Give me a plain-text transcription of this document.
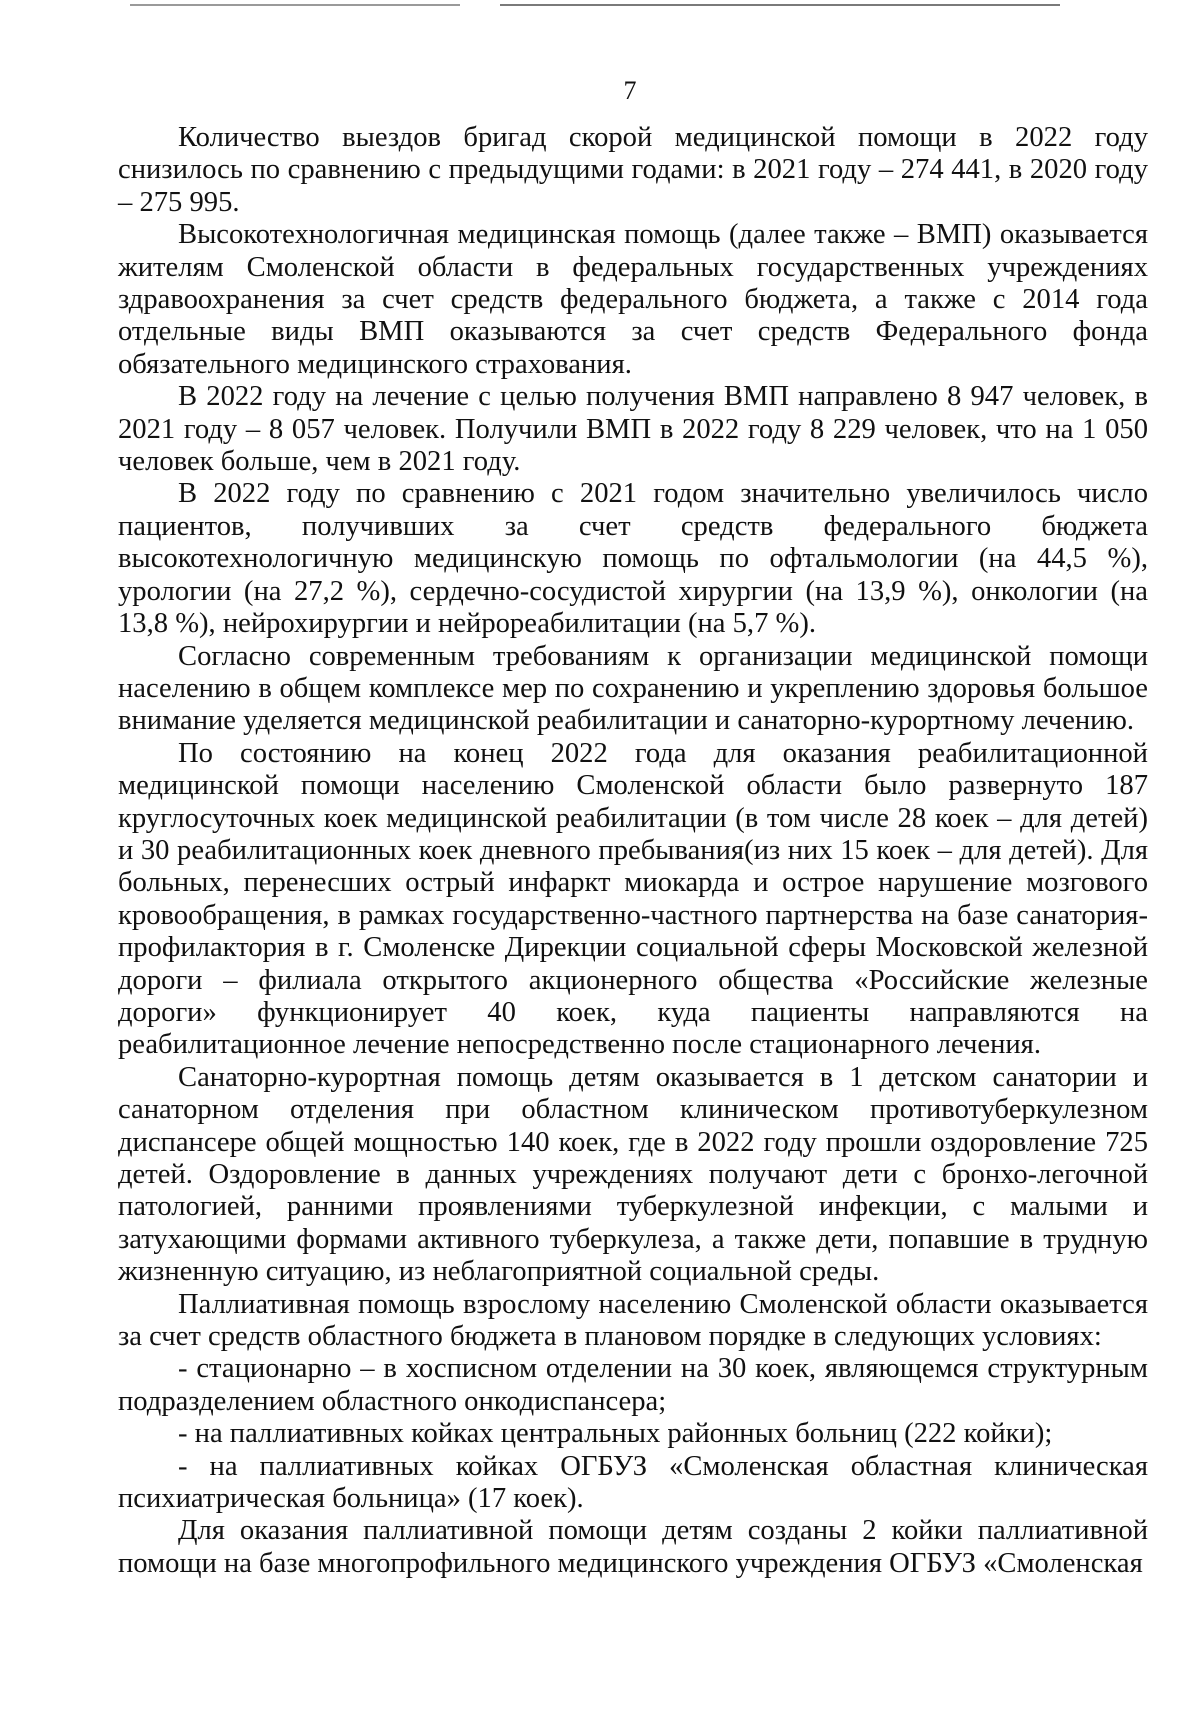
7

Количество выездов бригад скорой медицинской помощи в 2022 году снизилось по сравнению с предыдущими годами: в 2021 году – 274 441, в 2020 году – 275 995.

Высокотехнологичная медицинская помощь (далее также – ВМП) оказывается жителям Смоленской области в федеральных государственных учреждениях здравоохранения за счет средств федерального бюджета, а также с 2014 года отдельные виды ВМП оказываются за счет средств Федерального фонда обязательного медицинского страхования.

В 2022 году на лечение с целью получения ВМП направлено 8 947 человек, в 2021 году – 8 057 человек. Получили ВМП в 2022 году 8 229 человек, что на 1 050 человек больше, чем в 2021 году.

В 2022 году по сравнению с 2021 годом значительно увеличилось число пациентов, получивших за счет средств федерального бюджета высокотехнологичную медицинскую помощь по офтальмологии (на 44,5 %), урологии (на 27,2 %), сердечно-сосудистой хирургии (на 13,9 %), онкологии (на 13,8 %), нейрохирургии и нейрореабилитации (на 5,7 %).

Согласно современным требованиям к организации медицинской помощи населению в общем комплексе мер по сохранению и укреплению здоровья большое внимание уделяется медицинской реабилитации и санаторно-курортному лечению.

По состоянию на конец 2022 года для оказания реабилитационной медицинской помощи населению Смоленской области было развернуто 187 круглосуточных коек медицинской реабилитации (в том числе 28 коек – для детей) и 30 реабилитационных коек дневного пребывания(из них 15 коек – для детей). Для больных, перенесших острый инфаркт миокарда и острое нарушение мозгового кровообращения, в рамках государственно-частного партнерства на базе санатория-профилактория в г. Смоленске Дирекции социальной сферы Московской железной дороги – филиала открытого акционерного общества «Российские железные дороги» функционирует 40 коек, куда пациенты направляются на реабилитационное лечение непосредственно после стационарного лечения.

Санаторно-курортная помощь детям оказывается в 1 детском санатории и санаторном отделения при областном клиническом противотуберкулезном диспансере общей мощностью 140 коек, где в 2022 году прошли оздоровление 725 детей. Оздоровление в данных учреждениях получают дети с бронхо-легочной патологией, ранними проявлениями туберкулезной инфекции, с малыми и затухающими формами активного туберкулеза, а также дети, попавшие в трудную жизненную ситуацию, из неблагоприятной социальной среды.

Паллиативная помощь взрослому населению Смоленской области оказывается за счет средств областного бюджета в плановом порядке в следующих условиях:

- стационарно – в хосписном отделении на 30 коек, являющемся структурным подразделением областного онкодиспансера;

- на паллиативных койках центральных районных больниц (222 койки);

- на паллиативных койках ОГБУЗ «Смоленская областная клиническая психиатрическая больница» (17 коек).

Для оказания паллиативной помощи детям созданы 2 койки паллиативной помощи на базе многопрофильного медицинского учреждения ОГБУЗ «Смоленская
